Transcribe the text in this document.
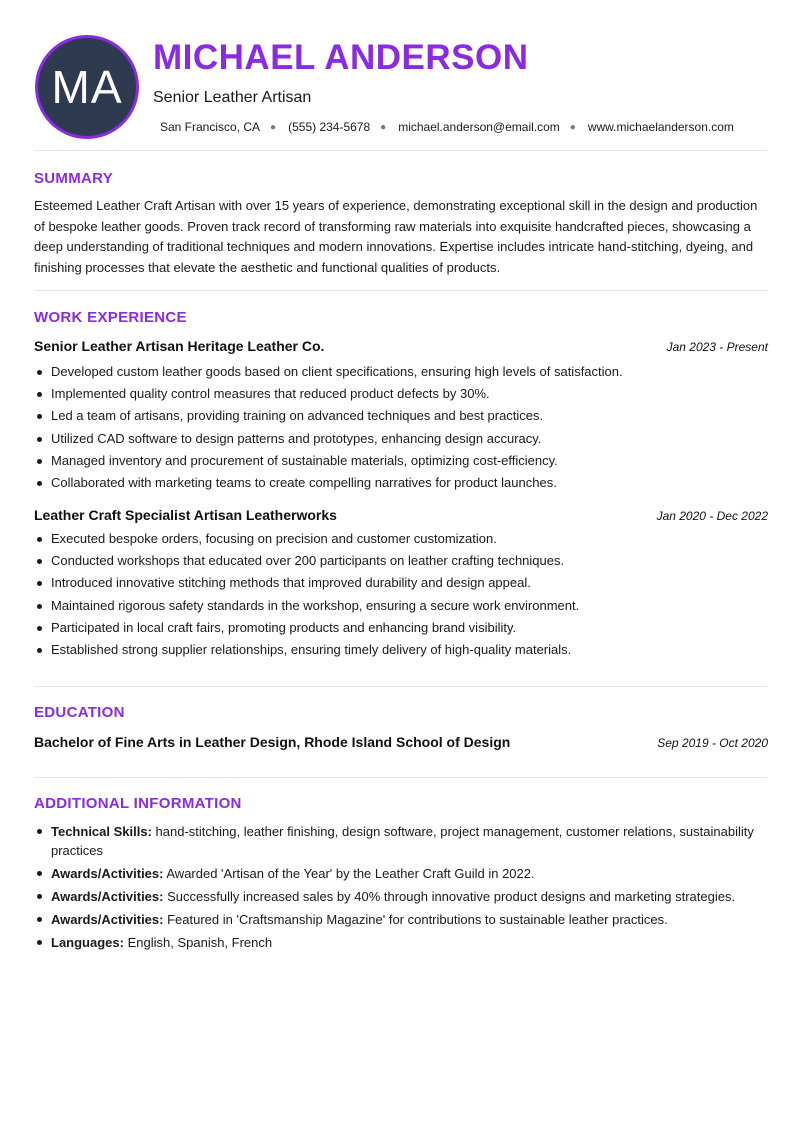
MA
MICHAEL ANDERSON
Senior Leather Artisan
San Francisco, CA ● (555) 234-5678 ● michael.anderson@email.com ● www.michaelanderson.com
SUMMARY

Esteemed Leather Craft Artisan with over 15 years of experience, demonstrating exceptional skill in the design and production of bespoke leather goods. Proven track record of transforming raw materials into exquisite handcrafted pieces, showcasing a deep understanding of traditional techniques and modern innovations. Expertise includes intricate hand-stitching, dyeing, and finishing processes that elevate the aesthetic and functional qualities of products.

WORK EXPERIENCE
Senior Leather Artisan Heritage Leather Co.	Jan 2023 - Present
Developed custom leather goods based on client specifications, ensuring high levels of satisfaction.
Implemented quality control measures that reduced product defects by 30%.
Led a team of artisans, providing training on advanced techniques and best practices.
Utilized CAD software to design patterns and prototypes, enhancing design accuracy.
Managed inventory and procurement of sustainable materials, optimizing cost-efficiency.
Collaborated with marketing teams to create compelling narratives for product launches.
Leather Craft Specialist Artisan Leatherworks	Jan 2020 - Dec 2022
Executed bespoke orders, focusing on precision and customer customization.
Conducted workshops that educated over 200 participants on leather crafting techniques.
Introduced innovative stitching methods that improved durability and design appeal.
Maintained rigorous safety standards in the workshop, ensuring a secure work environment.
Participated in local craft fairs, promoting products and enhancing brand visibility.
Established strong supplier relationships, ensuring timely delivery of high-quality materials.
EDUCATION
Bachelor of Fine Arts in Leather Design, Rhode Island School of Design	Sep 2019 - Oct 2020
ADDITIONAL INFORMATION
Technical Skills: hand-stitching, leather finishing, design software, project management, customer relations, sustainability practices
Awards/Activities: Awarded 'Artisan of the Year' by the Leather Craft Guild in 2022.
Awards/Activities: Successfully increased sales by 40% through innovative product designs and marketing strategies.
Awards/Activities: Featured in 'Craftsmanship Magazine' for contributions to sustainable leather practices.
Languages: English, Spanish, French
